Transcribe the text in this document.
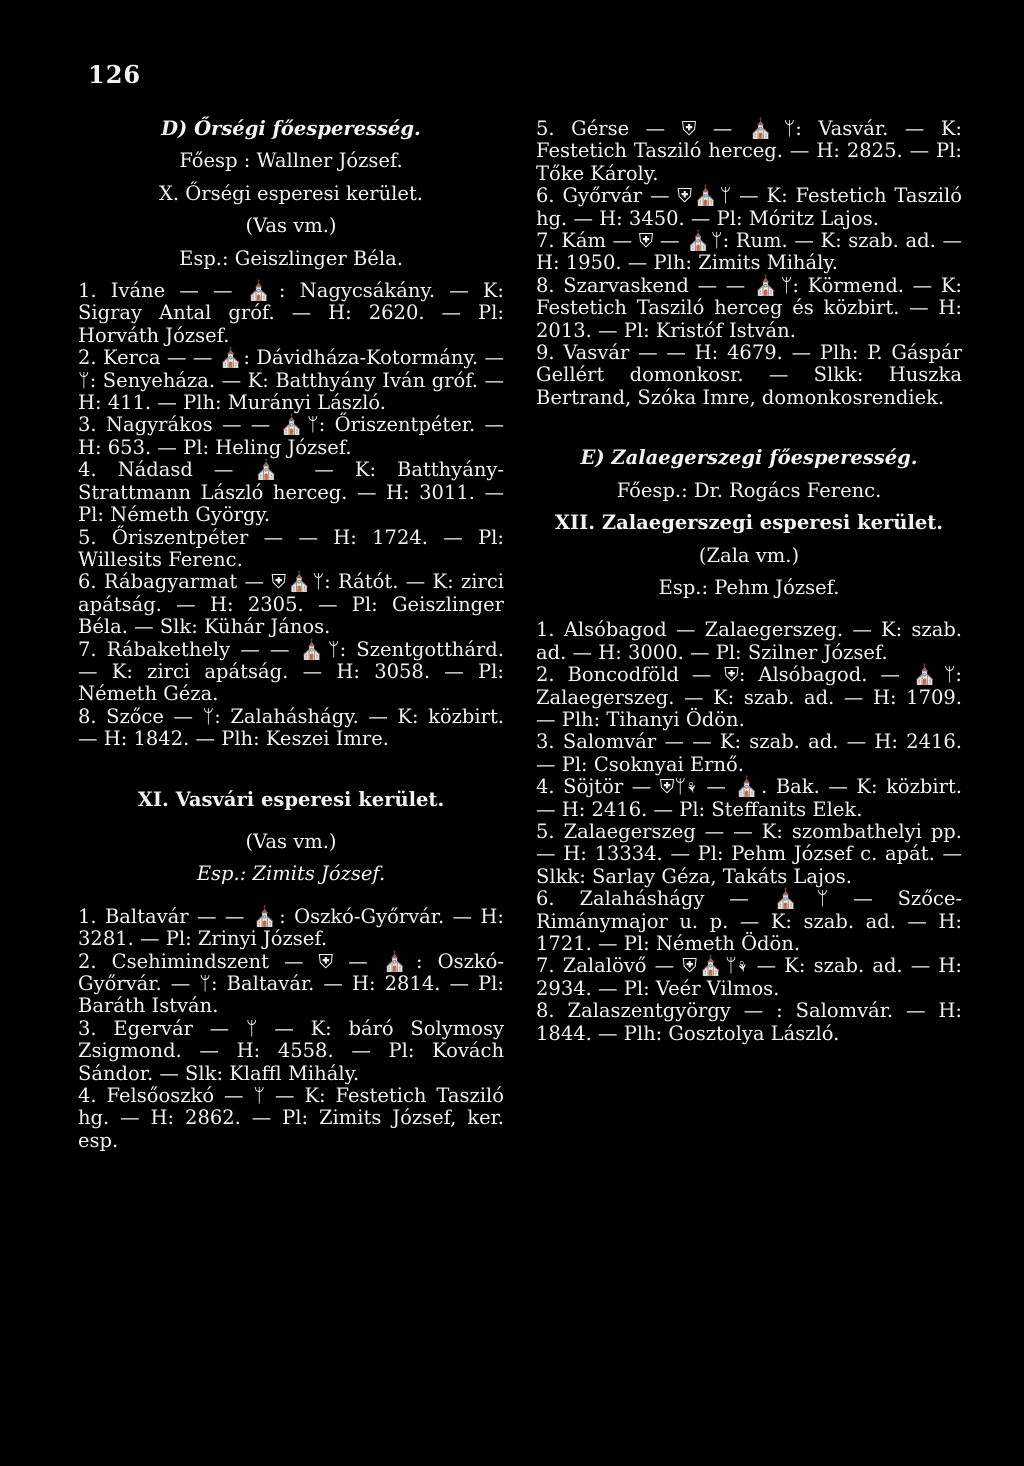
126

D) Őrségi főesperesség.

Főesp : Wallner József.

X. Őrségi esperesi kerület.

(Vas vm.)

Esp.: Geiszlinger Béla.

1. Iváne — — ⛪: Nagycsákány. — K: Sigray Antal gróf. — H: 2620. — Pl: Horváth József.

2. Kerca — — ⛪: Dávidháza-Kotormány. — ᛘ: Senyeháza. — K: Batthyány Iván gróf. — H: 411. — Plh: Murányi László.

3. Nagyrákos — — ⛪ᛘ: Őriszentpéter. — H: 653. — Pl: Heling József.

4. Nádasd — ⛪ — K: Batthyány-Strattmann László herceg. — H: 3011. — Pl: Németh György.

5. Őriszentpéter — — H: 1724. — Pl: Willesits Ferenc.

6. Rábagyarmat — ⛨⛪ᛘ: Rátót. — K: zirci apátság. — H: 2305. — Pl: Geiszlinger Béla. — Slk: Kühár János.

7. Rábakethely — — ⛪ᛘ: Szentgotthárd. — K: zirci apátság. — H: 3058. — Pl: Németh Géza.

8. Szőce — ᛘ: Zalaháshágy. — K: közbirt. — H: 1842. — Plh: Keszei Imre.

XI. Vasvári esperesi kerület.

(Vas vm.)

Esp.: Zimits József.

1. Baltavár — — ⛪: Oszkó-Győrvár. — H: 3281. — Pl: Zrinyi József.

2. Csehimindszent — ⛨ — ⛪: Oszkó-Győrvár. — ᛘ: Baltavár. — H: 2814. — Pl: Baráth István.

3. Egervár — ᛘ — K: báró Solymosy Zsigmond. — H: 4558. — Pl: Kovách Sándor. — Slk: Klaffl Mihály.

4. Felsőoszkó — ᛘ — K: Festetich Tasziló hg. — H: 2862. — Pl: Zimits József, ker. esp.

5. Gérse — ⛨ — ⛪ᛘ: Vasvár. — K: Festetich Tasziló herceg. — H: 2825. — Pl: Tőke Károly.

6. Győrvár — ⛨⛪ᛘ — K: Festetich Tasziló hg. — H: 3450. — Pl: Móritz Lajos.

7. Kám — ⛨ — ⛪ᛘ: Rum. — K: szab. ad. — H: 1950. — Plh: Zimits Mihály.

8. Szarvaskend — — ⛪ᛘ: Körmend. — K: Festetich Tasziló herceg és közbirt. — H: 2013. — Pl: Kristóf István.

9. Vasvár — — H: 4679. — Plh: P. Gáspár Gellért domonkosr. — Slkk: Huszka Bertrand, Szóka Imre, domonkosrendiek.

E) Zalaegerszegi főesperesség.

Főesp.: Dr. Rogács Ferenc.

XII. Zalaegerszegi esperesi kerület.

(Zala vm.)

Esp.: Pehm József.

1. Alsóbagod — Zalaegerszeg. — K: szab. ad. — H: 3000. — Pl: Szilner József.

2. Boncodföld — ⛨: Alsóbagod. — ⛪ᛘ: Zalaegerszeg. — K: szab. ad. — H: 1709. — Plh: Tihanyi Ödön.

3. Salomvár — — K: szab. ad. — H: 2416. — Pl: Csoknyai Ernő.

4. Söjtör — ⛨ᛘ⚘ — ⛪. Bak. — K: közbirt. — H: 2416. — Pl: Steffanits Elek.

5. Zalaegerszeg — — K: szombathelyi pp. — H: 13334. — Pl: Pehm József c. apát. — Slkk: Sarlay Géza, Takáts Lajos.

6. Zalaháshágy — ⛪ᛘ — Szőce-Rimánymajor u. p. — K: szab. ad. — H: 1721. — Pl: Németh Ödön.

7. Zalalövő — ⛨⛪ᛘ⚘ — K: szab. ad. — H: 2934. — Pl: Veér Vilmos.

8. Zalaszentgyörgy — : Salomvár. — H: 1844. — Plh: Gosztolya László.
